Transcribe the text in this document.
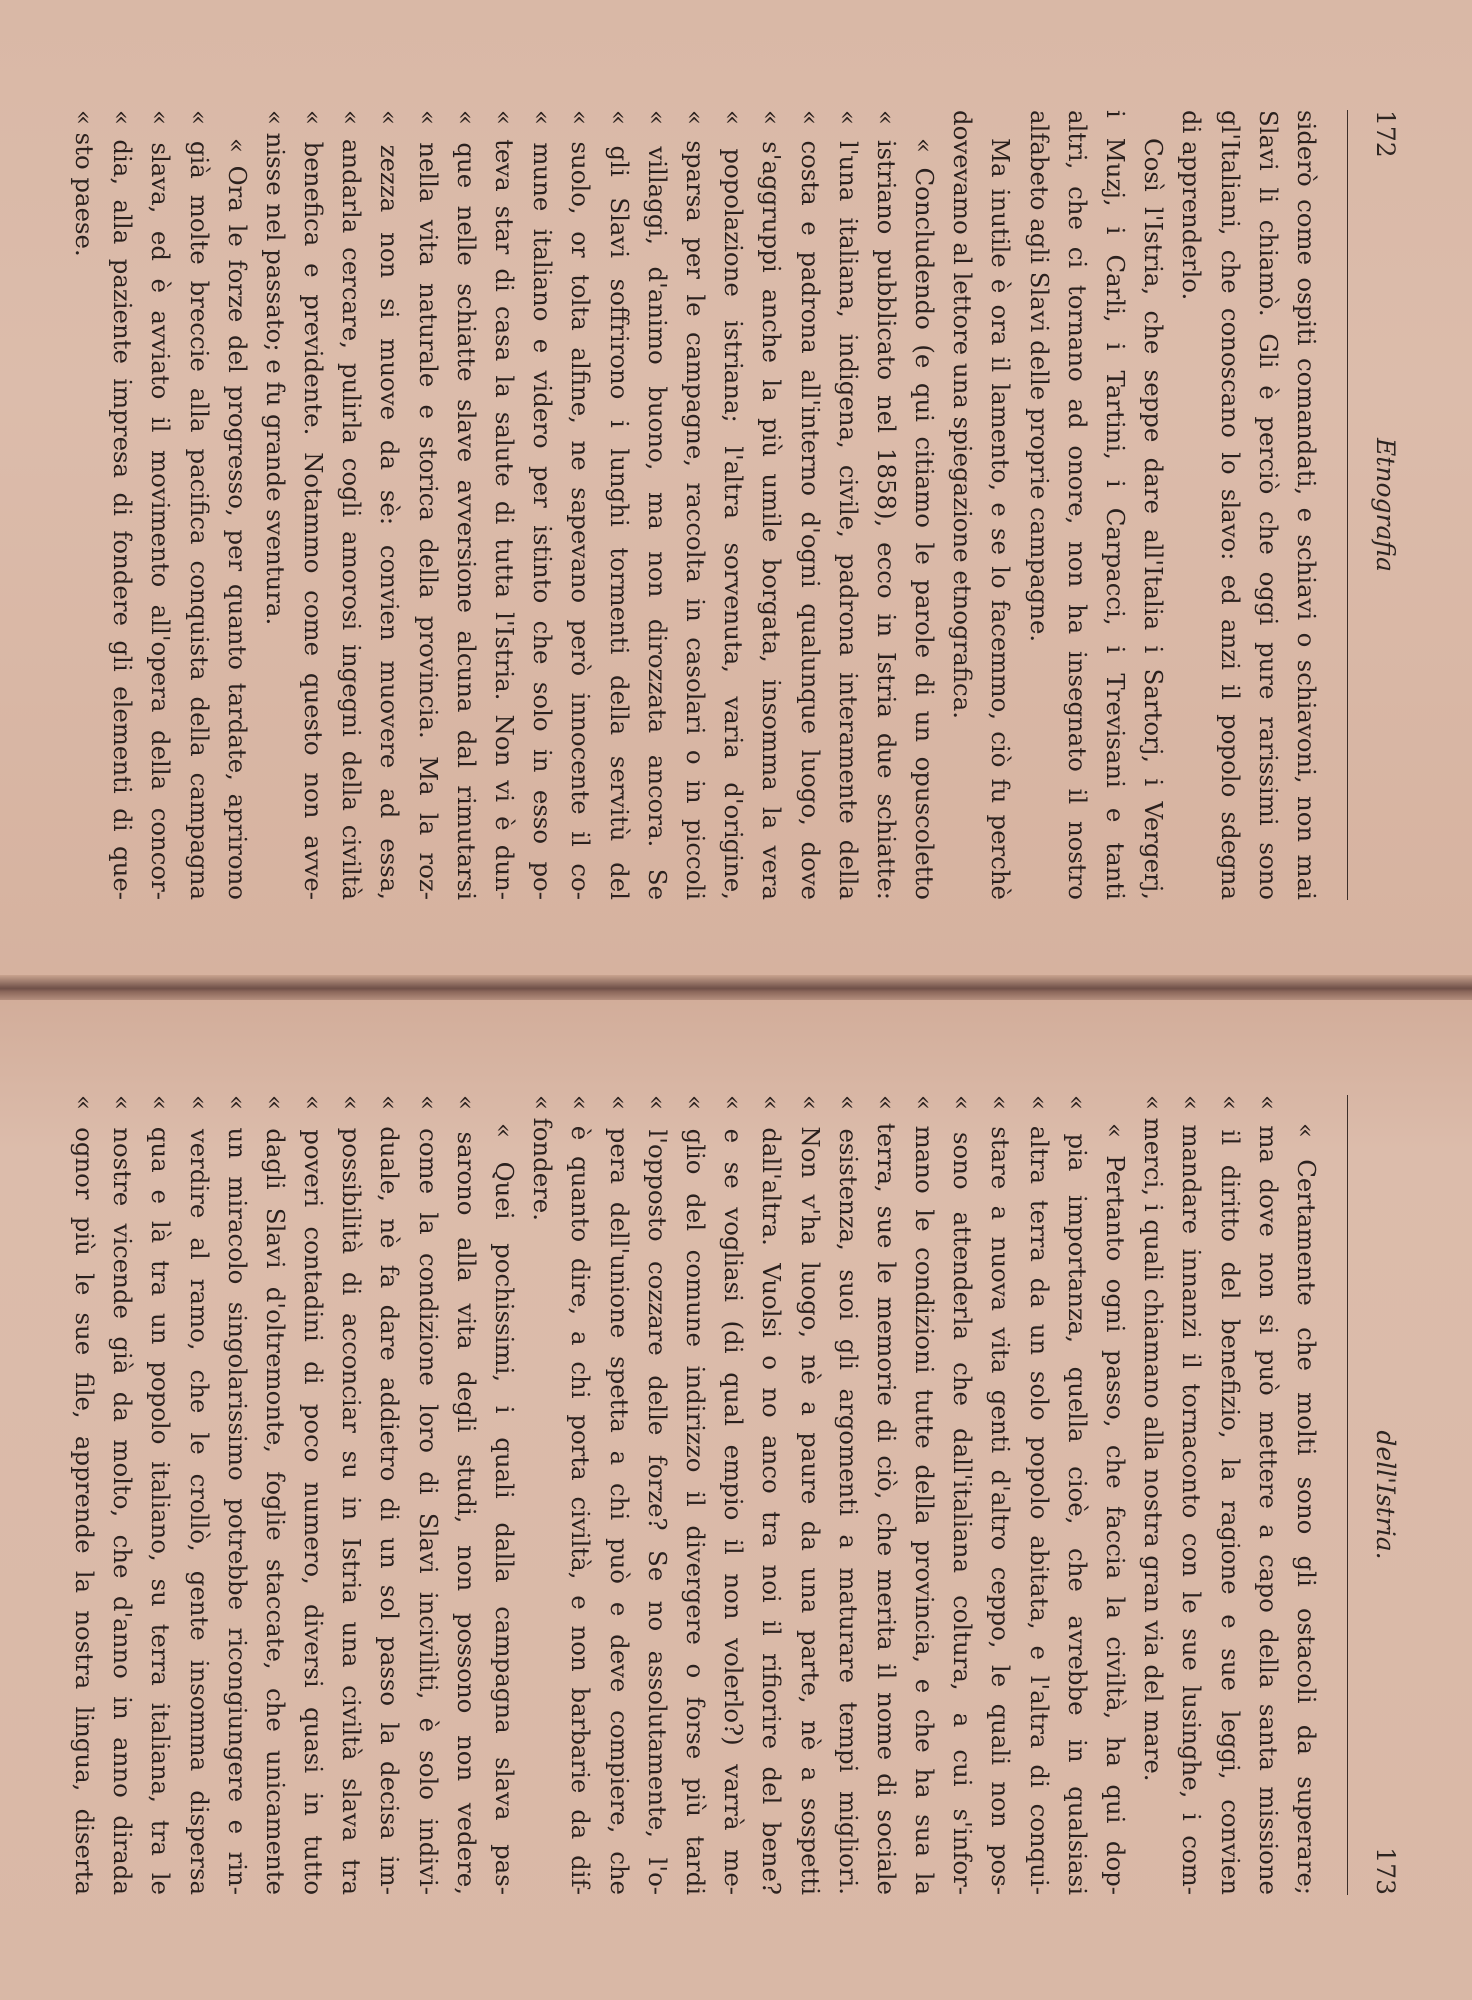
172
Etnografia
siderò come ospiti comandati, e schiavi o schiavoni, non mai
Slavi li chiamò. Gli è perciò che oggi pure rarissimi sono
gl'Italiani, che conoscano lo slavo: ed anzi il popolo sdegna
di apprenderlo.
Così l'Istria, che seppe dare all'Italia i Sartorj, i Vergerj,
i Muzj, i Carli, i Tartini, i Carpacci, i Trevisani e tanti
altri, che ci tornano ad onore, non ha insegnato il nostro
alfabeto agli Slavi delle proprie campagne.
Ma inutile è ora il lamento, e se lo facemmo, ciò fu perchè
dovevamo al lettore una spiegazione etnografica.
« Concludendo (e qui citiamo le parole di un opuscoletto
« istriano pubblicato nel 1858), ecco in Istria due schiatte:
« l'una italiana, indigena, civile, padrona interamente della
« costa e padrona all'interno d'ogni qualunque luogo, dove
« s'aggruppi anche la più umile borgata, insomma la vera
« popolazione istriana; l'altra sorvenuta, varia d'origine,
« sparsa per le campagne, raccolta in casolari o in piccoli
« villaggi, d'animo buono, ma non dirozzata ancora. Se
« gli Slavi soffrirono i lunghi tormenti della servitù del
« suolo, or tolta alfine, ne sapevano però innocente il co-
« mune italiano e videro per istinto che solo in esso po-
« teva star di casa la salute di tutta l'Istria. Non vi è dun-
« que nelle schiatte slave avversione alcuna dal rimutarsi
« nella vita naturale e storica della provincia. Ma la roz-
« zezza non si muove da sè: convien muovere ad essa,
« andarla cercare, pulirla cogli amorosi ingegni della civiltà
« benefica e previdente. Notammo come questo non avve-
« nisse nel passato; e fu grande sventura.
« Ora le forze del progresso, per quanto tardate, aprirono
« già molte breccie alla pacifica conquista della campagna
« slava, ed è avviato il movimento all'opera della concor-
« dia, alla paziente impresa di fondere gli elementi di que-
« sto paese.
dell'Istria.
173
« Certamente che molti sono gli ostacoli da superare;
« ma dove non si può mettere a capo della santa missione
« il diritto del benefizio, la ragione e sue leggi, convien
« mandare innanzi il tornaconto con le sue lusinghe, i com-
« merci, i quali chiamano alla nostra gran via del mare.
« Pertanto ogni passo, che faccia la civiltà, ha qui dop-
« pia importanza, quella cioè, che avrebbe in qualsiasi
« altra terra da un solo popolo abitata, e l'altra di conqui-
« stare a nuova vita genti d'altro ceppo, le quali non pos-
« sono attenderla che dall'italiana coltura, a cui s'infor-
« mano le condizioni tutte della provincia, e che ha sua la
« terra, sue le memorie di ciò, che merita il nome di sociale
« esistenza, suoi gli argomenti a maturare tempi migliori.
« Non v'ha luogo, nè a paure da una parte, nè a sospetti
« dall'altra. Vuolsi o no anco tra noi il rifiorire del bene?
« e se vogliasi (di qual empio il non volerlo?) varrà me-
« glio del comune indirizzo il divergere o forse più tardi
« l'opposto cozzare delle forze? Se no assolutamente, l'o-
« pera dell'unione spetta a chi può e deve compiere, che
« è quanto dire, a chi porta civiltà, e non barbarie da dif-
« fondere.
« Quei pochissimi, i quali dalla campagna slava pas-
« sarono alla vita degli studi, non possono non vedere,
« come la condizione loro di Slavi incivilìti, è solo indivi-
« duale, nè fa dare addietro di un sol passo la decisa im-
« possibilità di acconciar su in Istria una civiltà slava tra
« poveri contadini di poco numero, diversi quasi in tutto
« dagli Slavi d'oltremonte, foglie staccate, che unicamente
« un miracolo singolarissimo potrebbe ricongiungere e rin-
« verdire al ramo, che le crollò, gente insomma dispersa
« qua e là tra un popolo italiano, su terra italiana, tra le
« nostre vicende già da molto, che d'anno in anno dirada
« ognor più le sue file, apprende la nostra lingua, diserta
